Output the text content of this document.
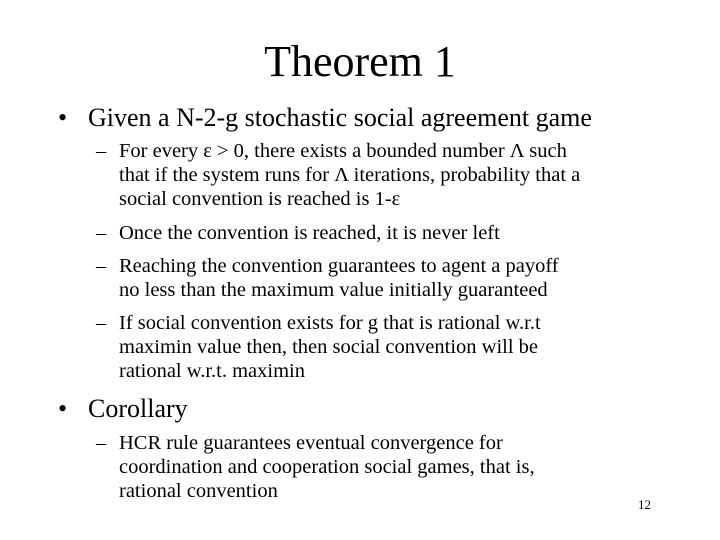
Theorem 1
• Given a N-2-g stochastic social agreement game
– For every ε > 0, there exists a bounded number Λ such
that if the system runs for Λ iterations, probability that a
social convention is reached is 1-ε
– Once the convention is reached, it is never left
– Reaching the convention guarantees to agent a payoff
no less than the maximum value initially guaranteed
– If social convention exists for g that is rational w.r.t
maximin value then, then social convention will be
rational w.r.t. maximin
• Corollary
– HCR rule guarantees eventual convergence for
coordination and cooperation social games, that is,
rational convention
12
